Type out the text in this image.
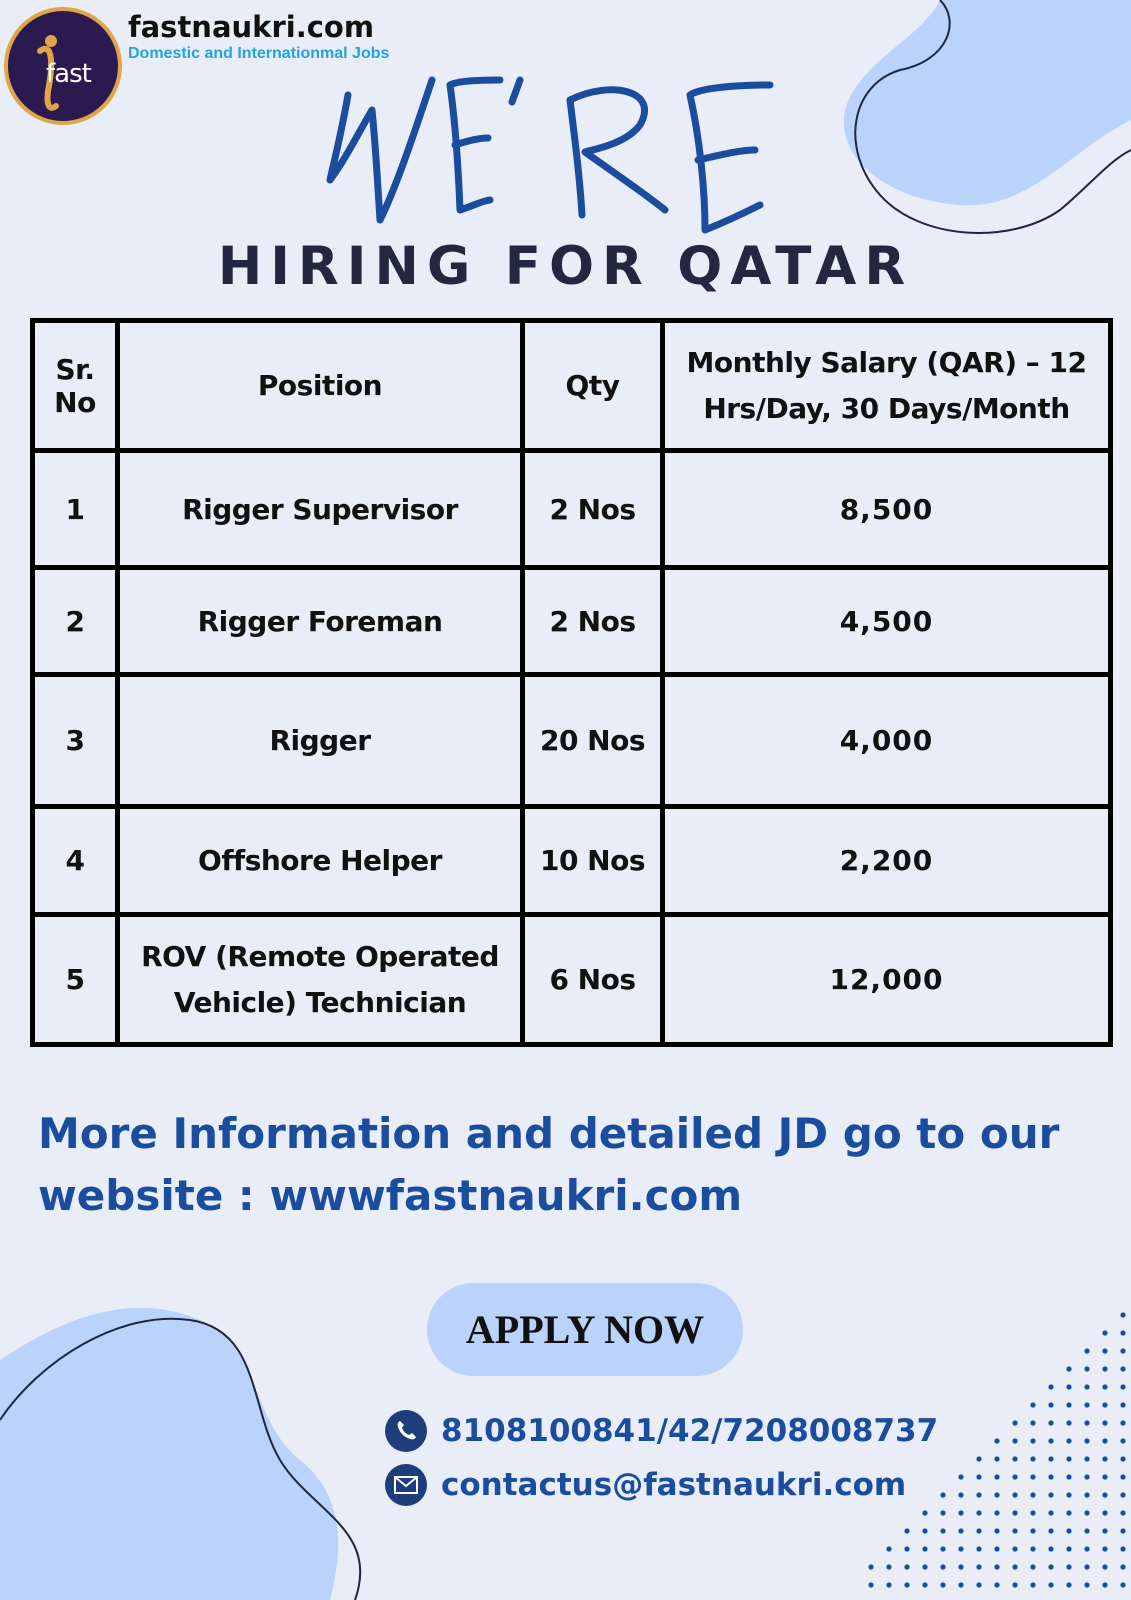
fast
fastnaukri.com
Domestic and Internationmal Jobs
HIRING FOR QATAR
Sr. No	Position	Qty	Monthly Salary (QAR) – 12 Hrs/Day, 30 Days/Month
1	Rigger Supervisor	2 Nos	8,500
2	Rigger Foreman	2 Nos	4,500
3	Rigger	20 Nos	4,000
4	Offshore Helper	10 Nos	2,200
5	ROV (Remote Operated Vehicle) Technician	6 Nos	12,000
More Information and detailed JD go to our website : wwwfastnaukri.com
APPLY NOW
8108100841/42/7208008737
contactus@fastnaukri.com
